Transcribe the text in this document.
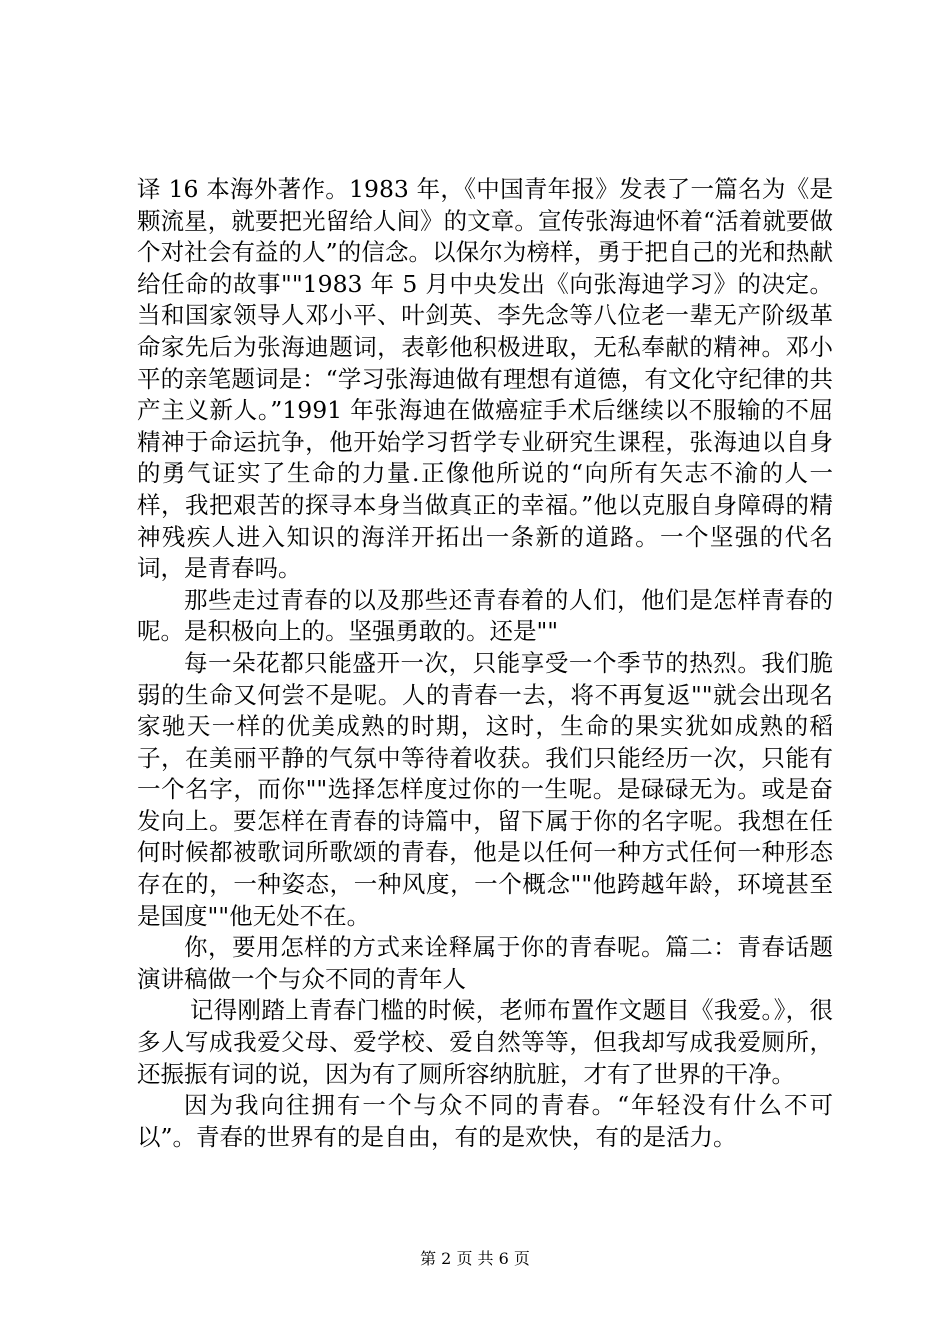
译 16 本海外著作。1983 年，《中国青年报》发表了一篇名为《是颗流星，就要把光留给人间》的文章。宣传张海迪怀着“活着就要做个对社会有益的人”的信念。以保尔为榜样，勇于把自己的光和热献给任命的故事""1983 年 5 月中央发出《向张海迪学习》的决定。当和国家领导人邓小平、叶剑英、李先念等八位老一辈无产阶级革命家先后为张海迪题词，表彰他积极进取，无私奉献的精神。邓小平的亲笔题词是：“学习张海迪做有理想有道德，有文化守纪律的共产主义新人。”1991 年张海迪在做癌症手术后继续以不服输的不屈精神于命运抗争，他开始学习哲学专业研究生课程，张海迪以自身的勇气证实了生命的力量.正像他所说的“向所有矢志不渝的人一样，我把艰苦的探寻本身当做真正的幸福。”他以克服自身障碍的精神残疾人进入知识的海洋开拓出一条新的道路。一个坚强的代名词，是青春吗。

那些走过青春的以及那些还青春着的人们，他们是怎样青春的呢。是积极向上的。坚强勇敢的。还是""

每一朵花都只能盛开一次，只能享受一个季节的热烈。我们脆弱的生命又何尝不是呢。人的青春一去，将不再复返""就会出现名家驰天一样的优美成熟的时期，这时，生命的果实犹如成熟的稻子，在美丽平静的气氛中等待着收获。我们只能经历一次，只能有一个名字，而你""选择怎样度过你的一生呢。是碌碌无为。或是奋发向上。要怎样在青春的诗篇中，留下属于你的名字呢。我想在任何时候都被歌词所歌颂的青春，他是以任何一种方式任何一种形态存在的，一种姿态，一种风度，一个概念""他跨越年龄，环境甚至是国度""他无处不在。

你，要用怎样的方式来诠释属于你的青春呢。篇二：青春话题演讲稿做一个与众不同的青年人

记得刚踏上青春门槛的时候，老师布置作文题目《我爱。》，很多人写成我爱父母、爱学校、爱自然等等，但我却写成我爱厕所，还振振有词的说，因为有了厕所容纳肮脏，才有了世界的干净。

因为我向往拥有一个与众不同的青春。“年轻没有什么不可以”。青春的世界有的是自由，有的是欢快，有的是活力。

第 2 页 共 6 页
